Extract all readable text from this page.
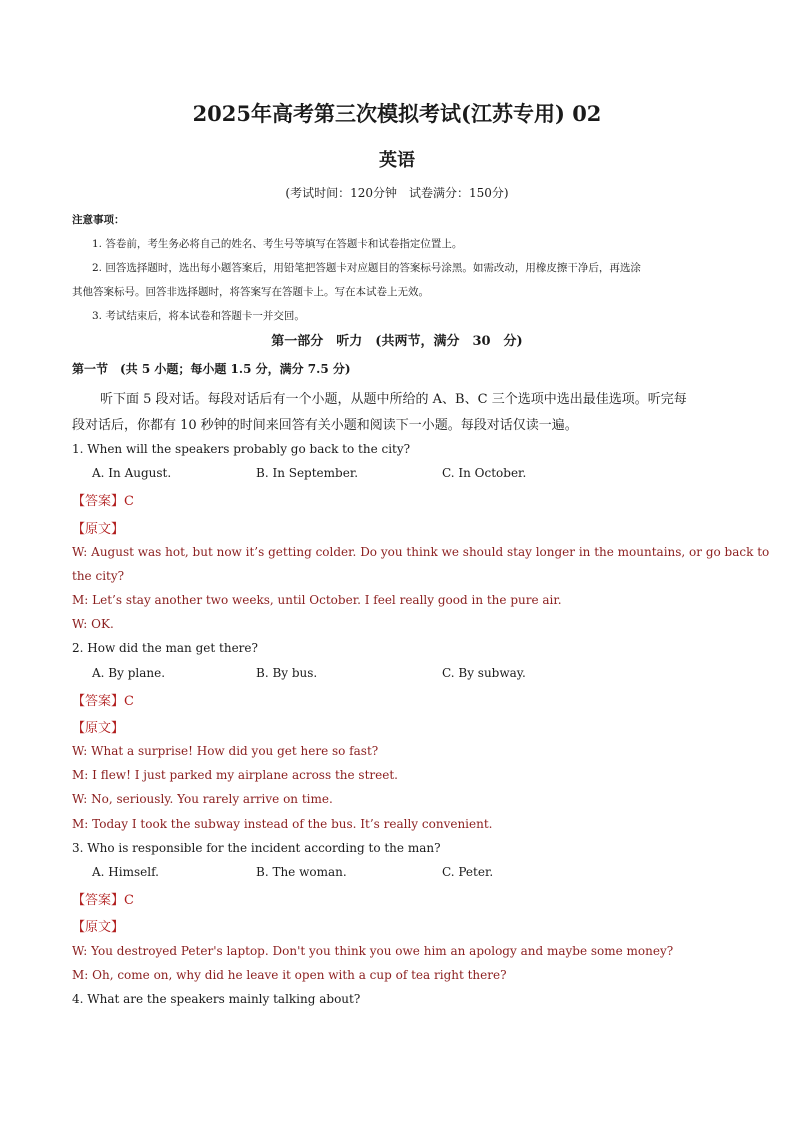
2025年高考第三次模拟考试(江苏专用) 02
英语
(考试时间：120分钟　试卷满分：150分)
注意事项：
1. 答卷前，考生务必将自己的姓名、考生号等填写在答题卡和试卷指定位置上。
2. 回答选择题时，选出每小题答案后，用铅笔把答题卡对应题目的答案标号涂黑。如需改动，用橡皮擦干净后，再选涂
其他答案标号。回答非选择题时，将答案写在答题卡上。写在本试卷上无效。
3. 考试结束后，将本试卷和答题卡一并交回。
第一部分　听力　(共两节，满分　30　分)
第一节　(共 5 小题；每小题 1.5 分，满分 7.5 分)
听下面 5 段对话。每段对话后有一个小题，从题中所给的 A、B、C 三个选项中选出最佳选项。听完每
段对话后，你都有 10 秒钟的时间来回答有关小题和阅读下一小题。每段对话仅读一遍。
1. When will the speakers probably go back to the city?
A. In August.	B. In September.	C. In October.
【答案】C
【原文】
W: August was hot, but now it’s getting colder. Do you think we should stay longer in the mountains, or go back to
the city?
M: Let’s stay another two weeks, until October. I feel really good in the pure air.
W: OK.
2. How did the man get there?
A. By plane.	B. By bus.	C. By subway.
【答案】C
【原文】
W: What a surprise! How did you get here so fast?
M: I flew! I just parked my airplane across the street.
W: No, seriously. You rarely arrive on time.
M: Today I took the subway instead of the bus. It’s really convenient.
3. Who is responsible for the incident according to the man?
A. Himself.	B. The woman.	C. Peter.
【答案】C
【原文】
W: You destroyed Peter's laptop. Don't you think you owe him an apology and maybe some money?
M: Oh, come on, why did he leave it open with a cup of tea right there?
4. What are the speakers mainly talking about?
